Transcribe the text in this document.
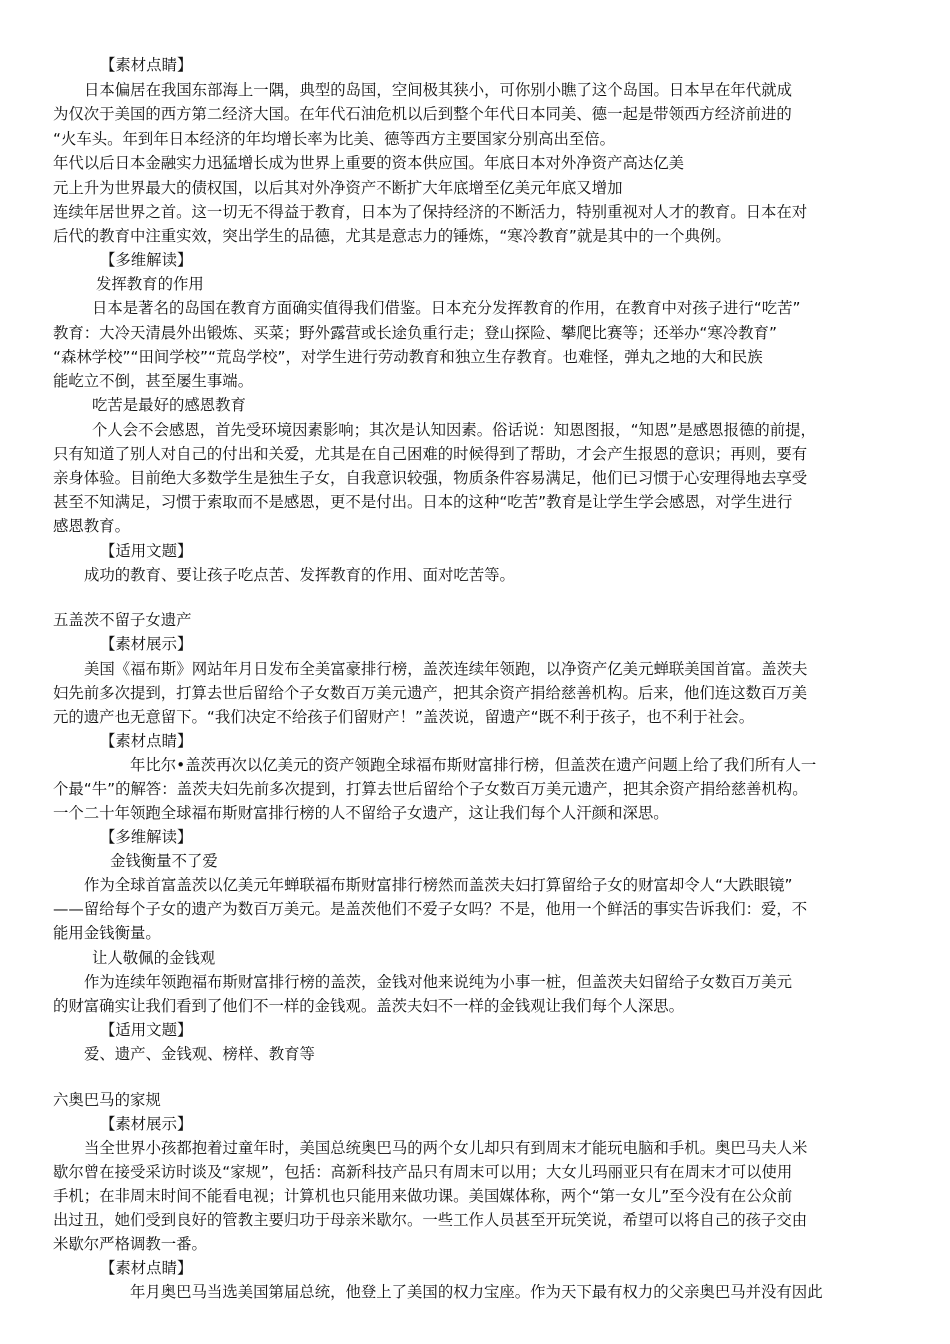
【素材点睛】
日本偏居在我国东部海上一隅，典型的岛国，空间极其狭小，可你别小瞧了这个岛国。日本早在年代就成
为仅次于美国的西方第二经济大国。在年代石油危机以后到整个年代日本同美、德一起是带领西方经济前进的
“火车头。年到年日本经济的年均增长率为比美、德等西方主要国家分别高出至倍。
年代以后日本金融实力迅猛增长成为世界上重要的资本供应国。年底日本对外净资产高达亿美
元上升为世界最大的债权国，以后其对外净资产不断扩大年底增至亿美元年底又增加
连续年居世界之首。这一切无不得益于教育，日本为了保持经济的不断活力，特别重视对人才的教育。日本在对
后代的教育中注重实效，突出学生的品德，尤其是意志力的锤炼，“寒冷教育”就是其中的一个典例。
【多维解读】
发挥教育的作用
日本是著名的岛国在教育方面确实值得我们借鉴。日本充分发挥教育的作用，在教育中对孩子进行“吃苦”
教育：大冷天清晨外出锻炼、买菜；野外露营或长途负重行走；登山探险、攀爬比赛等；还举办“寒冷教育”
“森林学校”“田间学校”“荒岛学校”，对学生进行劳动教育和独立生存教育。也难怪，弹丸之地的大和民族
能屹立不倒，甚至屡生事端。
吃苦是最好的感恩教育
个人会不会感恩，首先受环境因素影响；其次是认知因素。俗话说：知恩图报，“知恩”是感恩报德的前提，
只有知道了别人对自己的付出和关爱，尤其是在自己困难的时候得到了帮助，才会产生报恩的意识；再则，要有
亲身体验。目前绝大多数学生是独生子女，自我意识较强，物质条件容易满足，他们已习惯于心安理得地去享受
甚至不知满足，习惯于索取而不是感恩，更不是付出。日本的这种“吃苦”教育是让学生学会感恩，对学生进行
感恩教育。
【适用文题】
成功的教育、要让孩子吃点苦、发挥教育的作用、面对吃苦等。
五盖茨不留子女遗产
【素材展示】
美国《福布斯》网站年月日发布全美富豪排行榜，盖茨连续年领跑，以净资产亿美元蝉联美国首富。盖茨夫
妇先前多次提到，打算去世后留给个子女数百万美元遗产，把其余资产捐给慈善机构。后来，他们连这数百万美
元的遗产也无意留下。“我们决定不给孩子们留财产！”盖茨说，留遗产“既不利于孩子，也不利于社会。
【素材点睛】
年比尔•盖茨再次以亿美元的资产领跑全球福布斯财富排行榜，但盖茨在遗产问题上给了我们所有人一
个最“牛”的解答：盖茨夫妇先前多次提到，打算去世后留给个子女数百万美元遗产，把其余资产捐给慈善机构。
一个二十年领跑全球福布斯财富排行榜的人不留给子女遗产，这让我们每个人汗颜和深思。
【多维解读】
金钱衡量不了爱
作为全球首富盖茨以亿美元年蝉联福布斯财富排行榜然而盖茨夫妇打算留给子女的财富却令人“大跌眼镜”
——留给每个子女的遗产为数百万美元。是盖茨他们不爱子女吗？不是，他用一个鲜活的事实告诉我们：爱，不
能用金钱衡量。
让人敬佩的金钱观
作为连续年领跑福布斯财富排行榜的盖茨，金钱对他来说纯为小事一桩，但盖茨夫妇留给子女数百万美元
的财富确实让我们看到了他们不一样的金钱观。盖茨夫妇不一样的金钱观让我们每个人深思。
【适用文题】
爱、遗产、金钱观、榜样、教育等
六奥巴马的家规
【素材展示】
当全世界小孩都抱着过童年时，美国总统奥巴马的两个女儿却只有到周末才能玩电脑和手机。奥巴马夫人米
歇尔曾在接受采访时谈及“家规”，包括：高新科技产品只有周末可以用；大女儿玛丽亚只有在周末才可以使用
手机；在非周末时间不能看电视；计算机也只能用来做功课。美国媒体称，两个“第一女儿”至今没有在公众前
出过丑，她们受到良好的管教主要归功于母亲米歇尔。一些工作人员甚至开玩笑说，希望可以将自己的孩子交由
米歇尔严格调教一番。
【素材点睛】
年月奥巴马当选美国第届总统，他登上了美国的权力宝座。作为天下最有权力的父亲奥巴马并没有因此
